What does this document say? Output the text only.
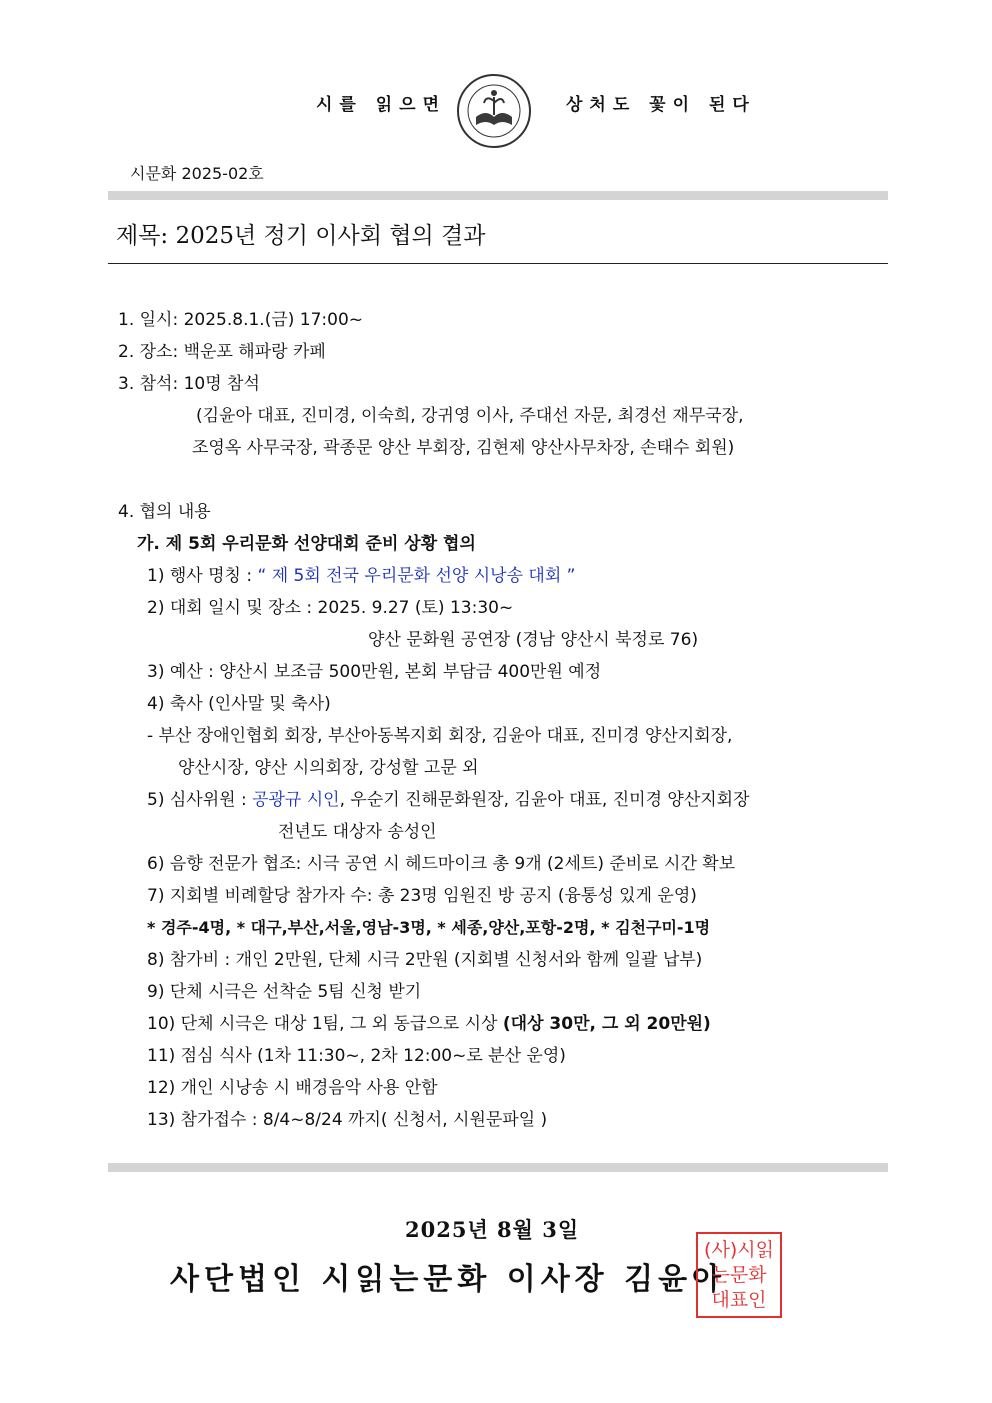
시를 읽으면	상처도 꽃이 된다
시문화 2025-02호
제목: 2025년 정기 이사회 협의 결과
1. 일시: 2025.8.1.(금) 17:00~
2. 장소: 백운포 해파랑 카페
3. 참석: 10명 참석
(김윤아 대표, 진미경, 이숙희, 강귀영 이사, 주대선 자문, 최경선 재무국장,
조영옥 사무국장, 곽종문 양산 부회장, 김현제 양산사무차장, 손태수 회원)
4. 협의 내용
가. 제 5회 우리문화 선양대회 준비 상황 협의
1) 행사 명칭 : “ 제 5회 전국 우리문화 선양 시낭송 대회 ”
2) 대회 일시 및 장소 : 2025. 9.27 (토) 13:30~
양산 문화원 공연장 (경남 양산시 북정로 76)
3) 예산 : 양산시 보조금 500만원, 본회 부담금 400만원 예정
4) 축사 (인사말 및 축사)
- 부산 장애인협회 회장, 부산아동복지회 회장, 김윤아 대표, 진미경 양산지회장,
양산시장, 양산 시의회장, 강성할 고문 외
5) 심사위원 : 공광규 시인, 우순기 진해문화원장, 김윤아 대표, 진미경 양산지회장
전년도 대상자 송성인
6) 음향 전문가 협조: 시극 공연 시 헤드마이크 총 9개 (2세트) 준비로 시간 확보
7) 지회별 비례할당 참가자 수: 총 23명 임원진 방 공지 (융통성 있게 운영)
* 경주-4명, * 대구,부산,서울,영남-3명, * 세종,양산,포항-2명, * 김천구미-1명
8) 참가비 : 개인 2만원, 단체 시극 2만원 (지회별 신청서와 함께 일괄 납부)
9) 단체 시극은 선착순 5팀 신청 받기
10) 단체 시극은 대상 1팀, 그 외 동급으로 시상 (대상 30만, 그 외 20만원)
11) 점심 식사 (1차 11:30~, 2차 12:00~로 분산 운영)
12) 개인 시낭송 시 배경음악 사용 안함
13) 참가접수 : 8/4~8/24 까지( 신청서, 시원문파일 )
2025년 8월 3일
사단법인 시읽는문화 이사장 김윤아
(사)시읽
는문화
대표인
